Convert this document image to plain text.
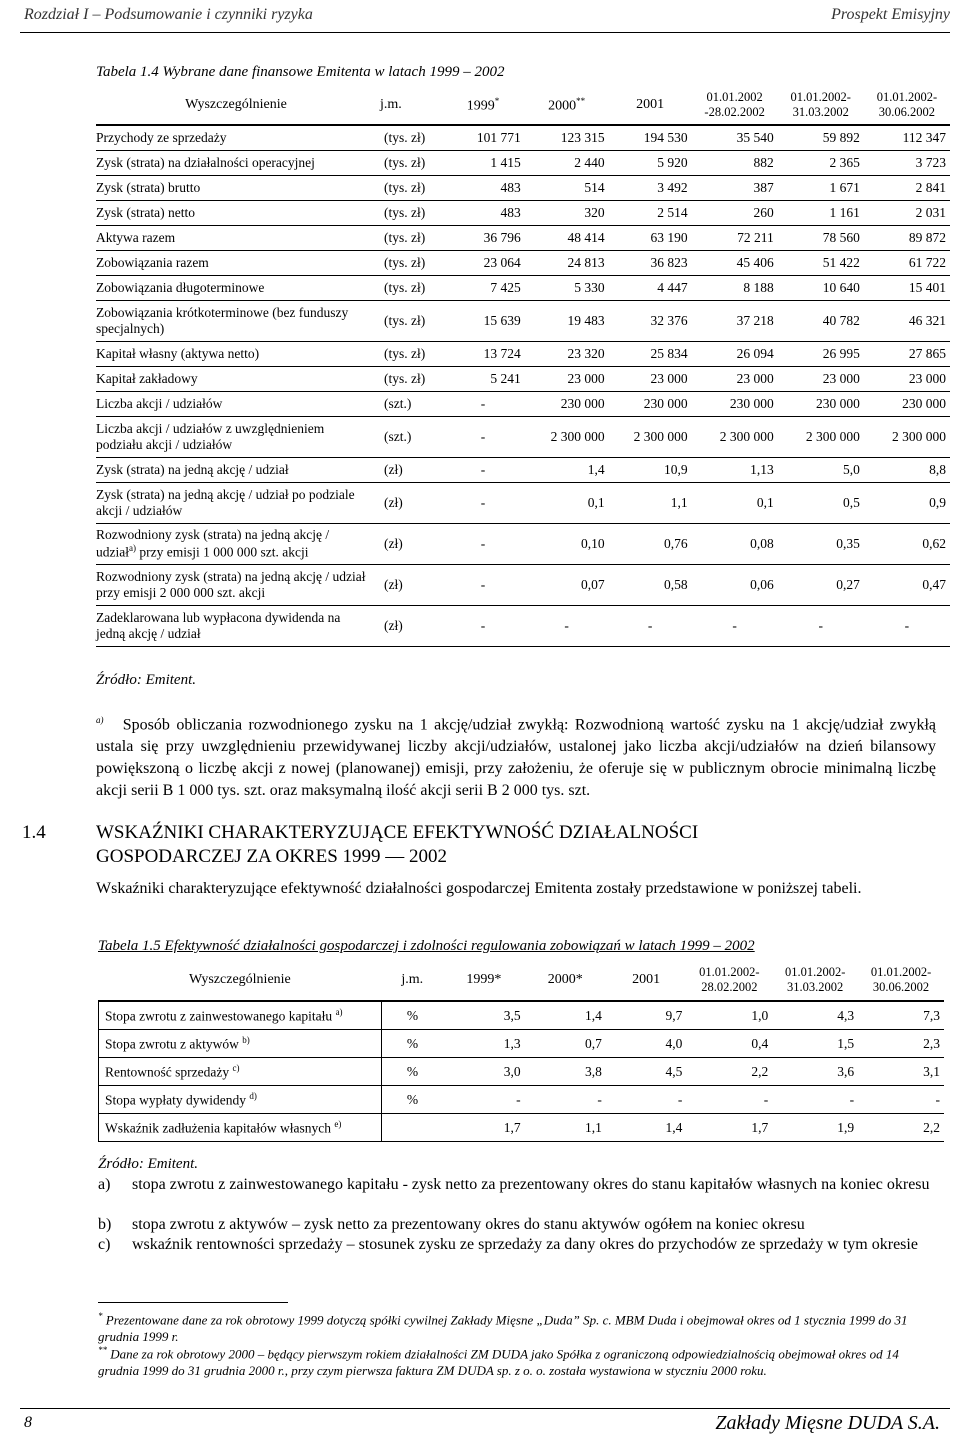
Rozdział I – Podsumowanie i czynniki ryzyka	Prospekt Emisyjny
Tabela 1.4 Wybrane dane finansowe Emitenta w latach 1999 – 2002
Wyszczególnienie	j.m.	1999*	2000**	2001	01.01.2002 -28.02.2002	01.01.2002- 31.03.2002	01.01.2002- 30.06.2002
Przychody ze sprzedaży	(tys. zł)	101 771	123 315	194 530	35 540	59 892	112 347
Zysk (strata) na działalności operacyjnej	(tys. zł)	1 415	2 440	5 920	882	2 365	3 723
Zysk (strata) brutto	(tys. zł)	483	514	3 492	387	1 671	2 841
Zysk (strata) netto	(tys. zł)	483	320	2 514	260	1 161	2 031
Aktywa razem	(tys. zł)	36 796	48 414	63 190	72 211	78 560	89 872
Zobowiązania razem	(tys. zł)	23 064	24 813	36 823	45 406	51 422	61 722
Zobowiązania długoterminowe	(tys. zł)	7 425	5 330	4 447	8 188	10 640	15 401
Zobowiązania krótkoterminowe (bez funduszy specjalnych)	(tys. zł)	15 639	19 483	32 376	37 218	40 782	46 321
Kapitał własny (aktywa netto)	(tys. zł)	13 724	23 320	25 834	26 094	26 995	27 865
Kapitał zakładowy	(tys. zł)	5 241	23 000	23 000	23 000	23 000	23 000
Liczba akcji / udziałów	(szt.)	-	230 000	230 000	230 000	230 000	230 000
Liczba akcji / udziałów z uwzględnieniem podziału akcji / udziałów	(szt.)	-	2 300 000	2 300 000	2 300 000	2 300 000	2 300 000
Zysk (strata) na jedną akcję / udział	(zł)	-	1,4	10,9	1,13	5,0	8,8
Zysk (strata) na jedną akcję / udział po podziale akcji / udziałów	(zł)	-	0,1	1,1	0,1	0,5	0,9
Rozwodniony zysk (strata) na jedną akcję / udział$^{a)}$ przy emisji 1 000 000 szt. akcji	(zł)	-	0,10	0,76	0,08	0,35	0,62
Rozwodniony zysk (strata) na jedną akcję / udział przy emisji 2 000 000 szt. akcji	(zł)	-	0,07	0,58	0,06	0,27	0,47
Zadeklarowana lub wypłacona dywidenda na jedną akcję / udział	(zł)	-	-	-	-	-	-
Źródło: Emitent.
$^{a)}$ Sposób obliczania rozwodnionego zysku na 1 akcję/udział zwykłą: Rozwodnioną wartość zysku na 1 akcję/udział zwykłą ustala się przy uwzględnieniu przewidywanej liczby akcji/udziałów, ustalonej jako liczba akcji/udziałów na dzień bilansowy powiększoną o liczbę akcji z nowej (planowanej) emisji, przy założeniu, że oferuje się w publicznym obrocie minimalną liczbę akcji serii B 1 000 tys. szt. oraz maksymalną ilość akcji serii B 2 000 tys. szt.
1.4	WSKAŹNIKI CHARAKTERYZUJĄCE EFEKTYWNOŚĆ DZIAŁALNOŚCI
GOSPODARCZEJ ZA OKRES 1999 — 2002
Wskaźniki charakteryzujące efektywność działalności gospodarczej Emitenta zostały przedstawione w poniższej tabeli.
Tabela 1.5 Efektywność działalności gospodarczej i zdolności regulowania zobowiązań w latach 1999 – 2002
Wyszczególnienie	j.m.	1999*	2000*	2001	01.01.2002- 28.02.2002	01.01.2002- 31.03.2002	01.01.2002- 30.06.2002
Stopa zwrotu z zainwestowanego kapitału $^{a)}$	%	3,5	1,4	9,7	1,0	4,3	7,3
Stopa zwrotu z aktywów $^{b)}$	%	1,3	0,7	4,0	0,4	1,5	2,3
Rentowność sprzedaży $^{c)}$	%	3,0	3,8	4,5	2,2	3,6	3,1
Stopa wypłaty dywidendy $^{d)}$	%	-	-	-	-	-	-
Wskaźnik zadłużenia kapitałów własnych $^{e)}$		1,7	1,1	1,4	1,7	1,9	2,2
Źródło: Emitent.
a) stopa zwrotu z zainwestowanego kapitału - zysk netto za prezentowany okres do stanu kapitałów własnych na koniec okresu
b) stopa zwrotu z aktywów – zysk netto za prezentowany okres do stanu aktywów ogółem na koniec okresu
c) wskaźnik rentowności sprzedaży – stosunek zysku ze sprzedaży za dany okres do przychodów ze sprzedaży w tym okresie
* Prezentowane dane za rok obrotowy 1999 dotyczą spółki cywilnej Zakłady Mięsne „Duda” Sp. c. MBM Duda i obejmował okres od 1 stycznia 1999 do 31 grudnia 1999 r.
** Dane za rok obrotowy 2000 – będący pierwszym rokiem działalności ZM DUDA jako Spółka z ograniczoną odpowiedzialnością obejmował okres od 14 grudnia 1999 do 31 grudnia 2000 r., przy czym pierwsza faktura ZM DUDA sp. z o. o. została wystawiona w styczniu 2000 roku.
8	Zakłady Mięsne DUDA S.A.
